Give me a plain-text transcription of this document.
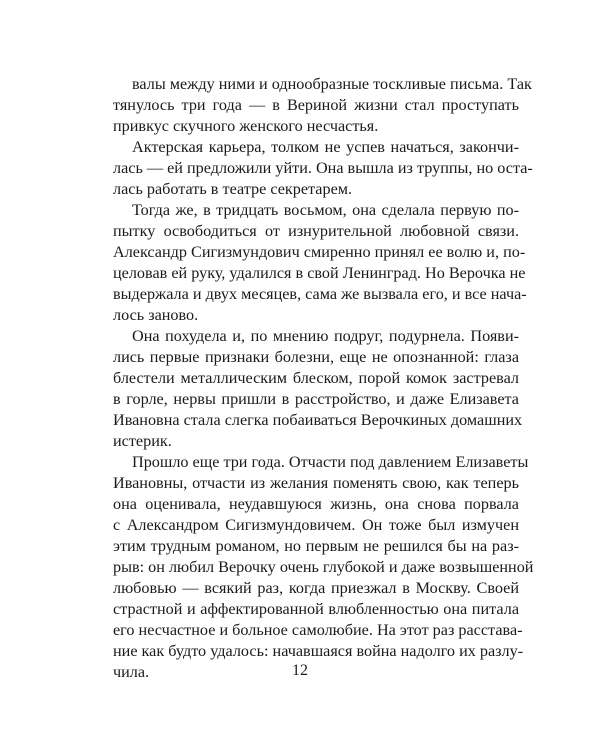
валы между ними и однообразные тоскливые письма. Так
тянулось три года — в Вериной жизни стал проступать
привкус скучного женского несчастья.
Актерская карьера, толком не успев начаться, закончи-
лась — ей предложили уйти. Она вышла из труппы, но оста-
лась работать в театре секретарем.
Тогда же, в тридцать восьмом, она сделала первую по-
пытку освободиться от изнурительной любовной связи.
Александр Сигизмундович смиренно принял ее волю и, по-
целовав ей руку, удалился в свой Ленинград. Но Верочка не
выдержала и двух месяцев, сама же вызвала его, и все нача-
лось заново.
Она похудела и, по мнению подруг, подурнела. Появи-
лись первые признаки болезни, еще не опознанной: глаза
блестели металлическим блеском, порой комок застревал
в горле, нервы пришли в расстройство, и даже Елизавета
Ивановна стала слегка побаиваться Верочкиных домашних
истерик.
Прошло еще три года. Отчасти под давлением Елизаветы
Ивановны, отчасти из желания поменять свою, как теперь
она оценивала, неудавшуюся жизнь, она снова порвала
с Александром Сигизмундовичем. Он тоже был измучен
этим трудным романом, но первым не решился бы на раз-
рыв: он любил Верочку очень глубокой и даже возвышенной
любовью — всякий раз, когда приезжал в Москву. Своей
страстной и аффектированной влюбленностью она питала
его несчастное и больное самолюбие. На этот раз расстава-
ние как будто удалось: начавшаяся война надолго их разлу-
чила.	12
